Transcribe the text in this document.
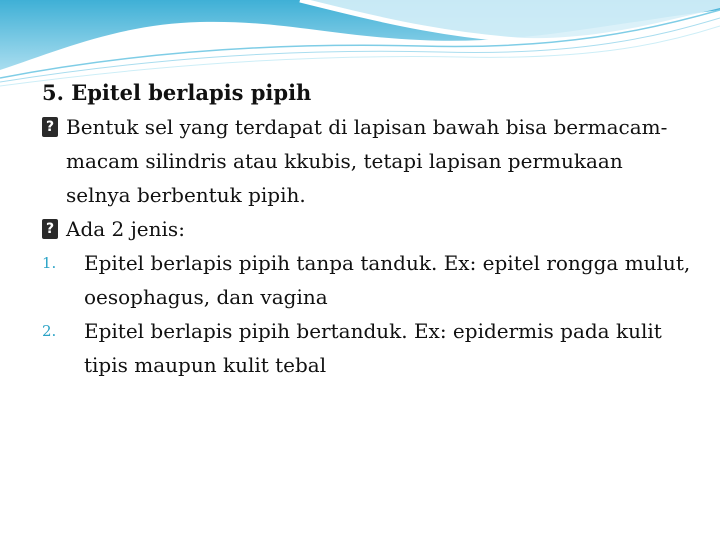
5. Epitel berlapis pipih
?
Bentuk sel yang terdapat di lapisan bawah bisa bermacam-macam silindris atau kkubis, tetapi lapisan permukaan selnya berbentuk pipih.
?
Ada 2 jenis:
1.	Epitel berlapis pipih tanpa tanduk. Ex: epitel rongga mulut, oesophagus, dan vagina
2.	Epitel berlapis pipih bertanduk. Ex: epidermis pada kulit tipis maupun kulit tebal
